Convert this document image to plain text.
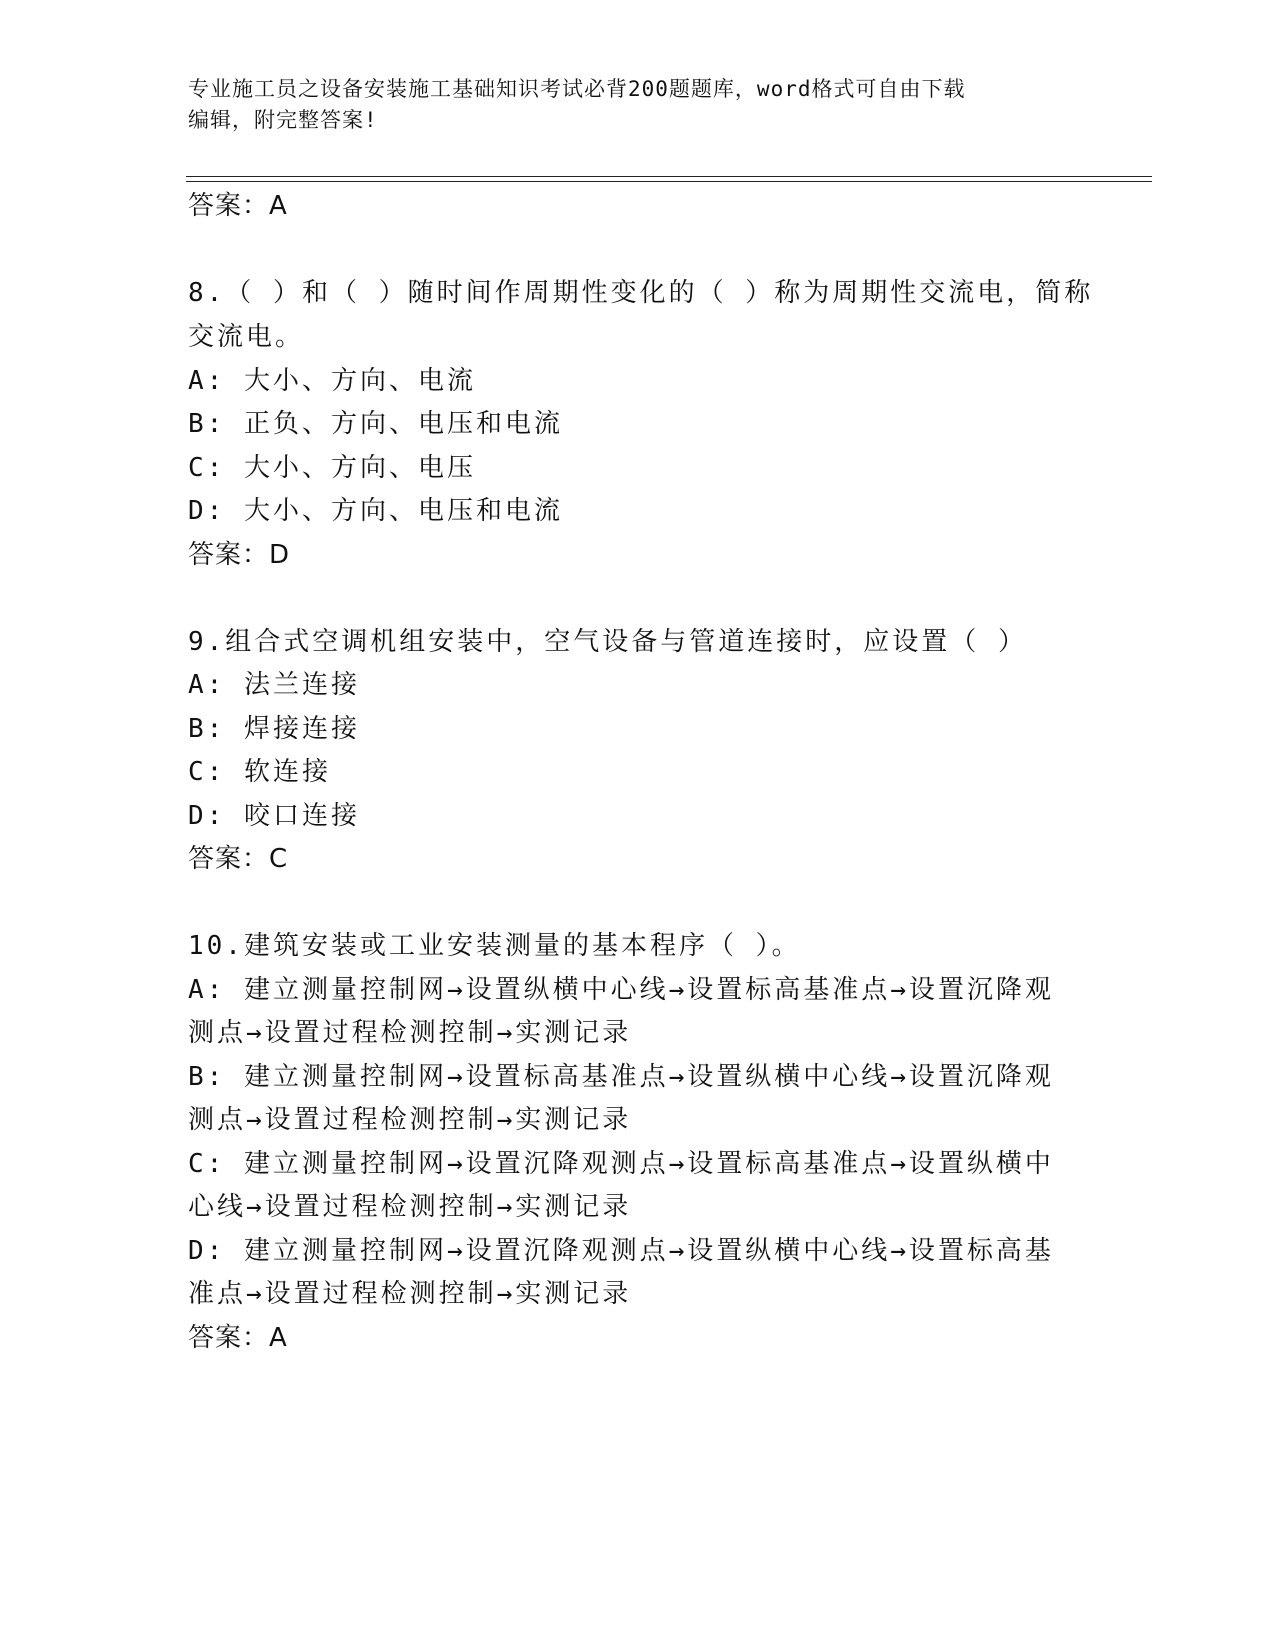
专业施工员之设备安装施工基础知识考试必背200题题库，word格式可自由下载
编辑，附完整答案!
答案：A
8.（ ）和（ ）随时间作周期性变化的（ ）称为周期性交流电，简称
交流电。
A: 大小、方向、电流
B: 正负、方向、电压和电流
C: 大小、方向、电压
D: 大小、方向、电压和电流
答案：D
9.组合式空调机组安装中，空气设备与管道连接时，应设置（ ）
A: 法兰连接
B: 焊接连接
C: 软连接
D: 咬口连接
答案：C
10.建筑安装或工业安装测量的基本程序（ ）。
A: 建立测量控制网→设置纵横中心线→设置标高基准点→设置沉降观
测点→设置过程检测控制→实测记录
B: 建立测量控制网→设置标高基准点→设置纵横中心线→设置沉降观
测点→设置过程检测控制→实测记录
C: 建立测量控制网→设置沉降观测点→设置标高基准点→设置纵横中
心线→设置过程检测控制→实测记录
D: 建立测量控制网→设置沉降观测点→设置纵横中心线→设置标高基
准点→设置过程检测控制→实测记录
答案：A
